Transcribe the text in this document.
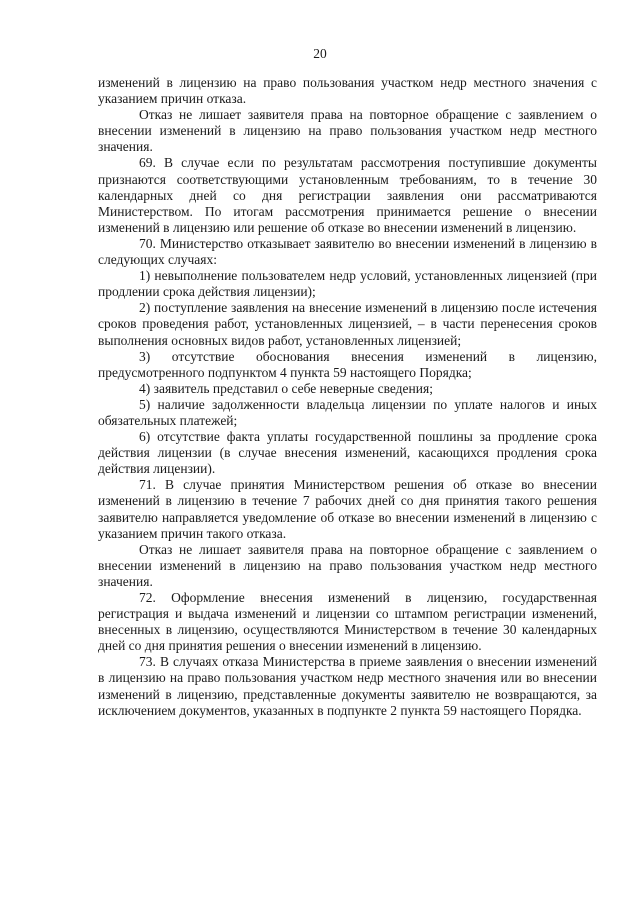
20

изменений в лицензию на право пользования участком недр местного значения с указанием причин отказа.

Отказ не лишает заявителя права на повторное обращение с заявлением о внесении изменений в лицензию на право пользования участком недр местного значения.

69. В случае если по результатам рассмотрения поступившие документы признаются соответствующими установленным требованиям, то в течение 30 календарных дней со дня регистрации заявления они рассматриваются Министерством. По итогам рассмотрения принимается решение о внесении изменений в лицензию или решение об отказе во внесении изменений в лицензию.

70. Министерство отказывает заявителю во внесении изменений в лицензию в следующих случаях:

1) невыполнение пользователем недр условий, установленных лицензией (при продлении срока действия лицензии);

2) поступление заявления на внесение изменений в лицензию после истечения сроков проведения работ, установленных лицензией, – в части перенесения сроков выполнения основных видов работ, установленных лицензией;

3) отсутствие обоснования внесения изменений в лицензию, предусмотренного подпунктом 4 пункта 59 настоящего Порядка;

4) заявитель представил о себе неверные сведения;

5) наличие задолженности владельца лицензии по уплате налогов и иных обязательных платежей;

6) отсутствие факта уплаты государственной пошлины за продление срока действия лицензии (в случае внесения изменений, касающихся продления срока действия лицензии).

71. В случае принятия Министерством решения об отказе во внесении изменений в лицензию в течение 7 рабочих дней со дня принятия такого решения заявителю направляется уведомление об отказе во внесении изменений в лицензию с указанием причин такого отказа.

Отказ не лишает заявителя права на повторное обращение с заявлением о внесении изменений в лицензию на право пользования участком недр местного значения.

72. Оформление внесения изменений в лицензию, государственная регистрация и выдача изменений и лицензии со штампом регистрации изменений, внесенных в лицензию, осуществляются Министерством в течение 30 календарных дней со дня принятия решения о внесении изменений в лицензию.

73. В случаях отказа Министерства в приеме заявления о внесении изменений в лицензию на право пользования участком недр местного значения или во внесении изменений в лицензию, представленные документы заявителю не возвращаются, за исключением документов, указанных в подпункте 2 пункта 59 настоящего Порядка.
